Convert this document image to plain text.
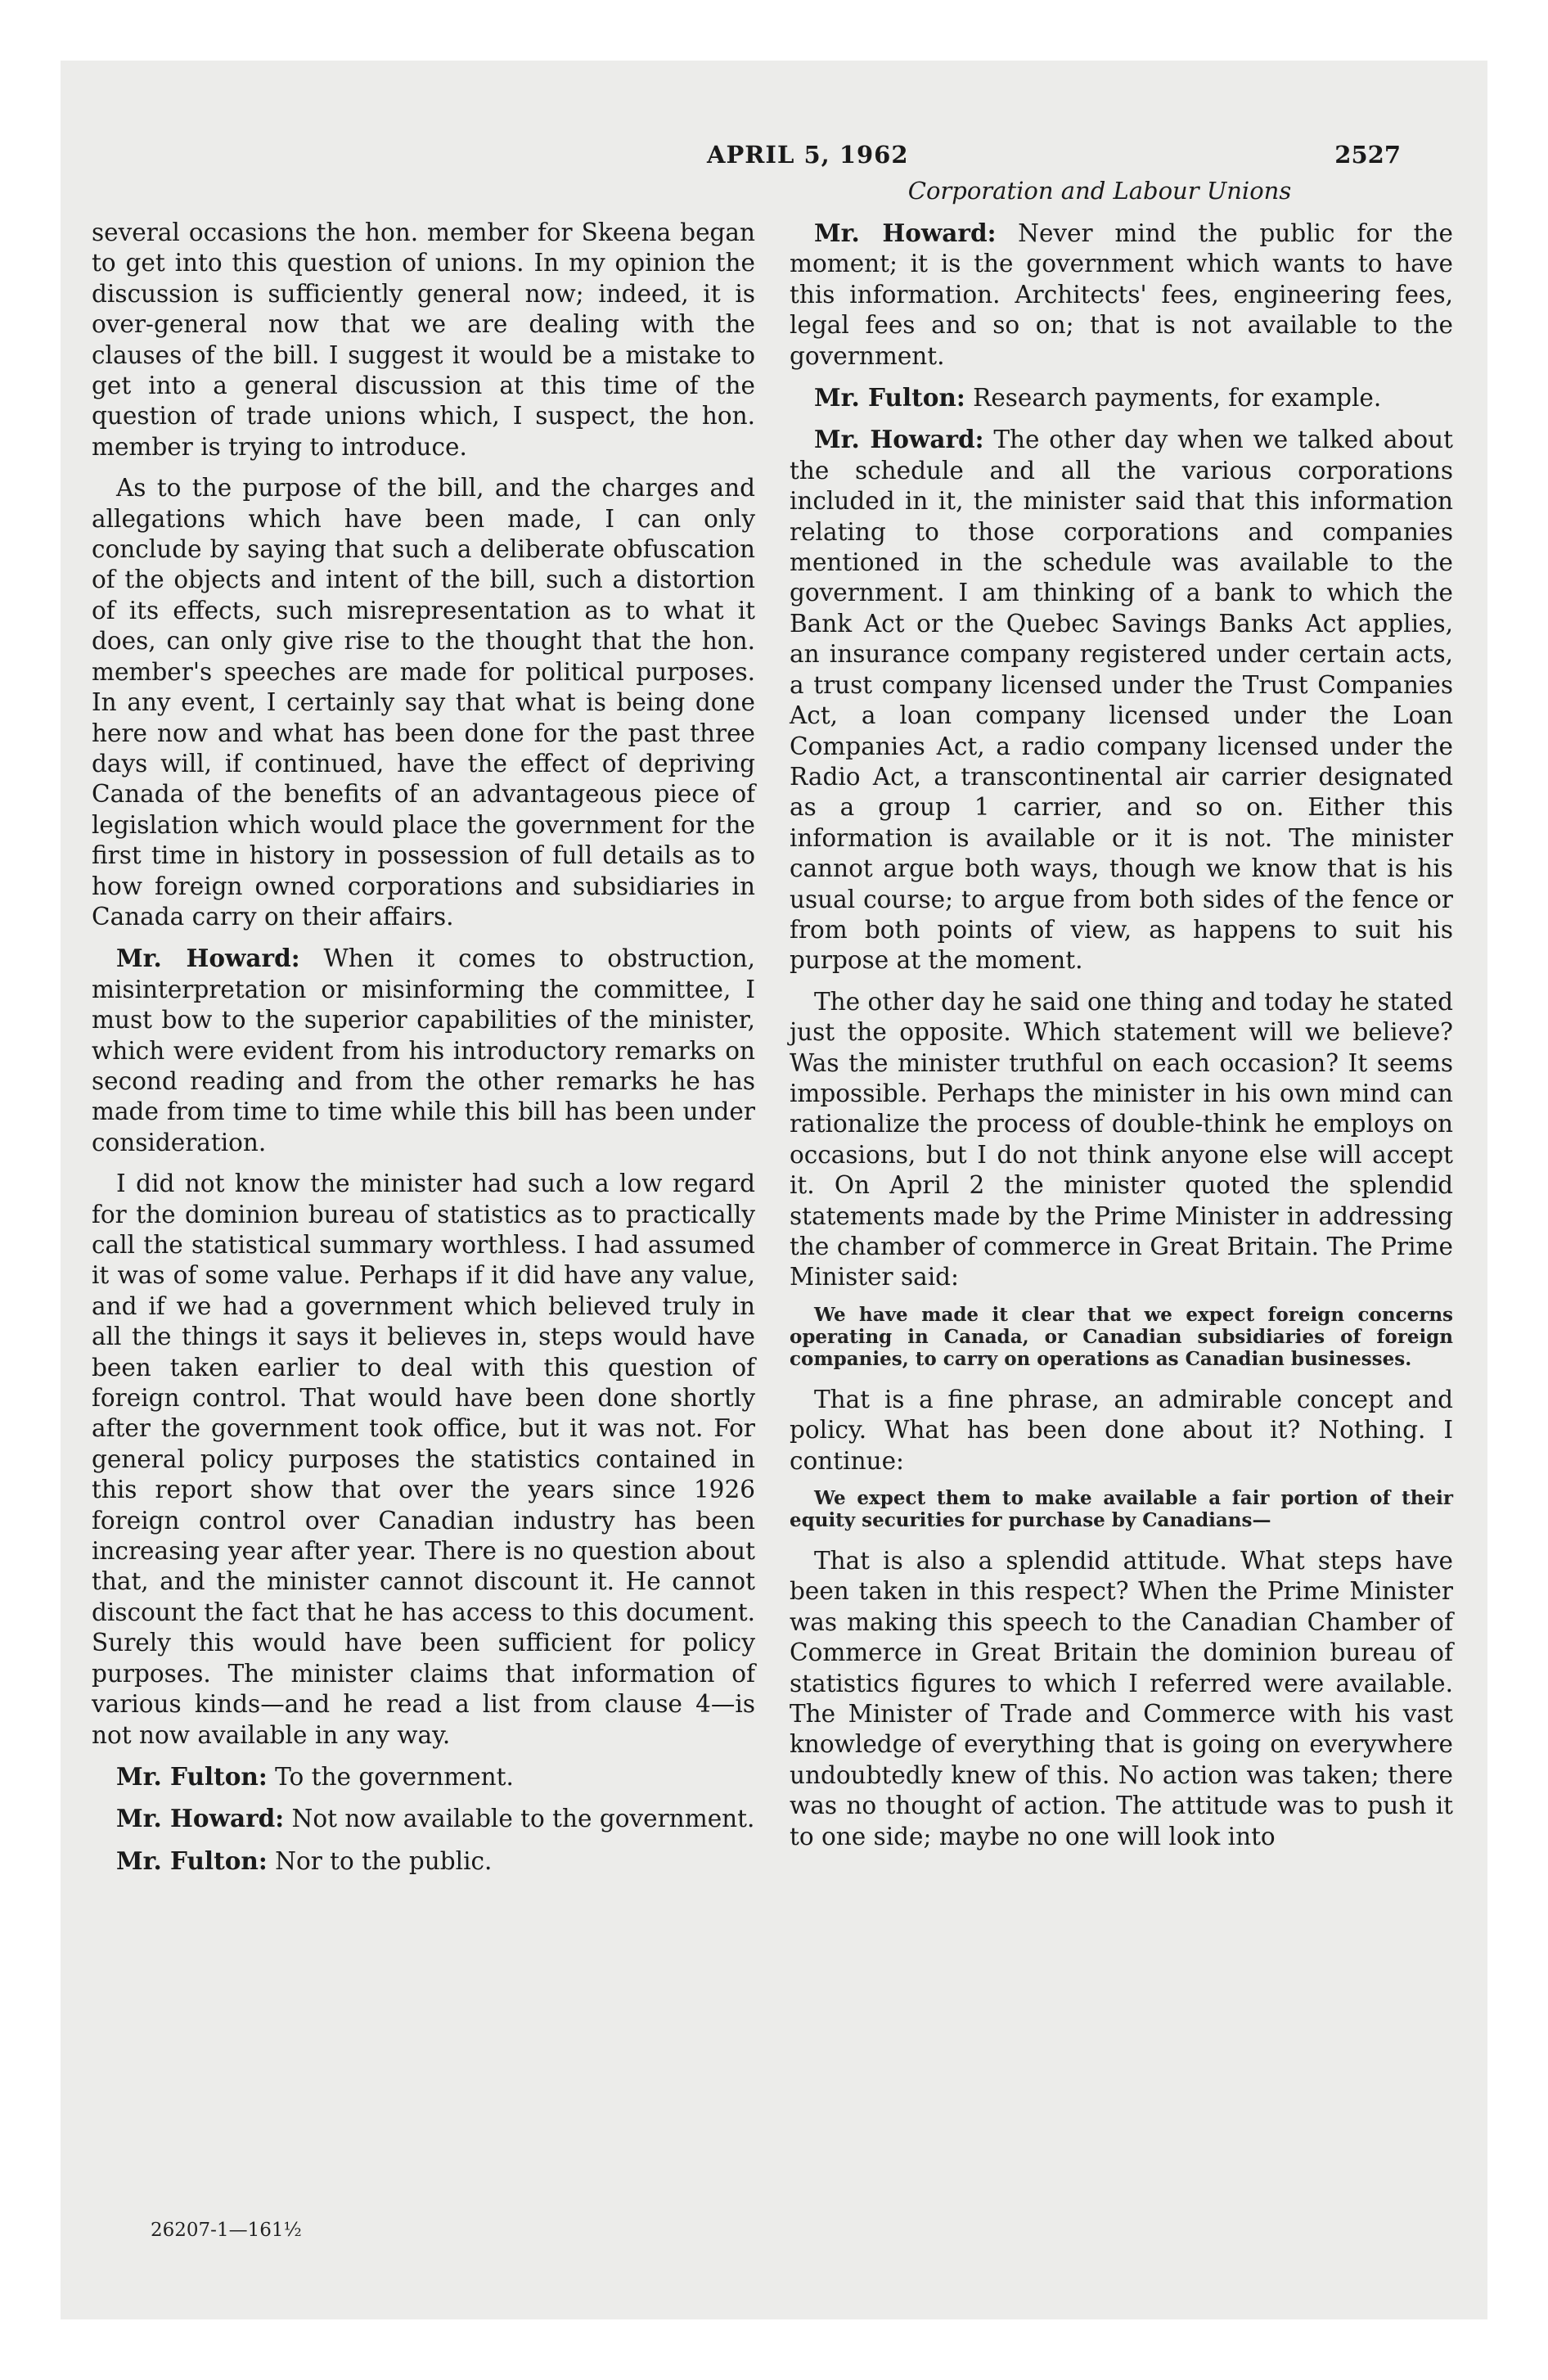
APRIL 5, 1962	2527
Corporation and Labour Unions

several occasions the hon. member for Skeena began to get into this question of unions. In my opinion the discussion is sufficiently general now; indeed, it is over-general now that we are dealing with the clauses of the bill. I suggest it would be a mistake to get into a general discussion at this time of the question of trade unions which, I suspect, the hon. member is trying to introduce.

As to the purpose of the bill, and the charges and allegations which have been made, I can only conclude by saying that such a deliberate obfuscation of the objects and intent of the bill, such a distortion of its effects, such misrepresentation as to what it does, can only give rise to the thought that the hon. member's speeches are made for political purposes. In any event, I certainly say that what is being done here now and what has been done for the past three days will, if continued, have the effect of depriving Canada of the benefits of an advantageous piece of legislation which would place the government for the first time in history in possession of full details as to how foreign owned corporations and subsidiaries in Canada carry on their affairs.

Mr. Howard: When it comes to obstruction, misinterpretation or misinforming the committee, I must bow to the superior capabilities of the minister, which were evident from his introductory remarks on second reading and from the other remarks he has made from time to time while this bill has been under consideration.

I did not know the minister had such a low regard for the dominion bureau of statistics as to practically call the statistical summary worthless. I had assumed it was of some value. Perhaps if it did have any value, and if we had a government which believed truly in all the things it says it believes in, steps would have been taken earlier to deal with this question of foreign control. That would have been done shortly after the government took office, but it was not. For general policy purposes the statistics contained in this report show that over the years since 1926 foreign control over Canadian industry has been increasing year after year. There is no question about that, and the minister cannot discount it. He cannot discount the fact that he has access to this document. Surely this would have been sufficient for policy purposes. The minister claims that information of various kinds—and he read a list from clause 4—is not now available in any way.

Mr. Fulton: To the government.

Mr. Howard: Not now available to the government.

Mr. Fulton: Nor to the public.

Mr. Howard: Never mind the public for the moment; it is the government which wants to have this information. Architects' fees, engineering fees, legal fees and so on; that is not available to the government.

Mr. Fulton: Research payments, for example.

Mr. Howard: The other day when we talked about the schedule and all the various corporations included in it, the minister said that this information relating to those corporations and companies mentioned in the schedule was available to the government. I am thinking of a bank to which the Bank Act or the Quebec Savings Banks Act applies, an insurance company registered under certain acts, a trust company licensed under the Trust Companies Act, a loan company licensed under the Loan Companies Act, a radio company licensed under the Radio Act, a transcontinental air carrier designated as a group 1 carrier, and so on. Either this information is available or it is not. The minister cannot argue both ways, though we know that is his usual course; to argue from both sides of the fence or from both points of view, as happens to suit his purpose at the moment.

The other day he said one thing and today he stated just the opposite. Which statement will we believe? Was the minister truthful on each occasion? It seems impossible. Perhaps the minister in his own mind can rationalize the process of double-think he employs on occasions, but I do not think anyone else will accept it. On April 2 the minister quoted the splendid statements made by the Prime Minister in addressing the chamber of commerce in Great Britain. The Prime Minister said:

We have made it clear that we expect foreign concerns operating in Canada, or Canadian subsidiaries of foreign companies, to carry on operations as Canadian businesses.

That is a fine phrase, an admirable concept and policy. What has been done about it? Nothing. I continue:

We expect them to make available a fair portion of their equity securities for purchase by Canadians—

That is also a splendid attitude. What steps have been taken in this respect? When the Prime Minister was making this speech to the Canadian Chamber of Commerce in Great Britain the dominion bureau of statistics figures to which I referred were available. The Minister of Trade and Commerce with his vast knowledge of everything that is going on everywhere undoubtedly knew of this. No action was taken; there was no thought of action. The attitude was to push it to one side; maybe no one will look into

26207-1—161½
